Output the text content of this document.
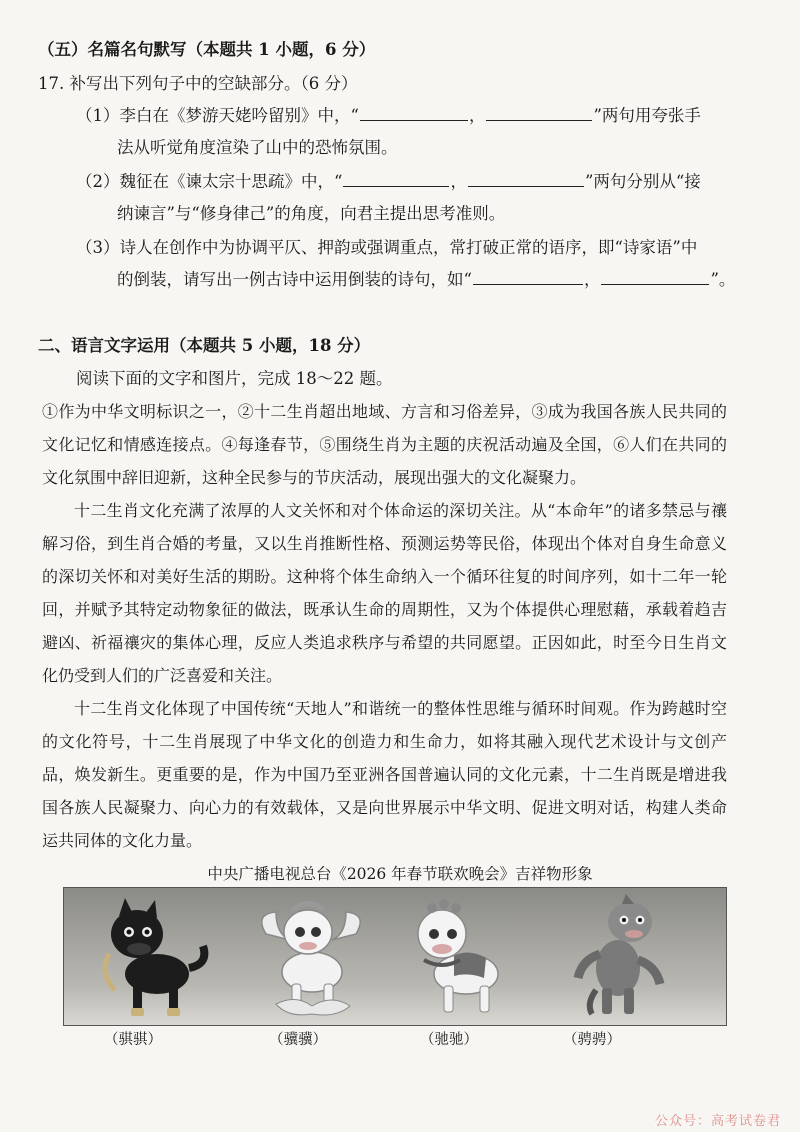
（五）名篇名句默写（本题共 1 小题，6 分）
17. 补写出下列句子中的空缺部分。（6 分）
（1）李白在《梦游天姥吟留别》中，“	，	”两句用夸张手
法从听觉角度渲染了山中的恐怖氛围。
（2）魏征在《谏太宗十思疏》中，“	，	”两句分别从“接
纳谏言”与“修身律己”的角度，向君主提出思考准则。
（3）诗人在创作中为协调平仄、押韵或强调重点，常打破正常的语序，即“诗家语”中
的倒装，请写出一例古诗中运用倒装的诗句，如“	，	”。
二、语言文字运用（本题共 5 小题，18 分）
阅读下面的文字和图片，完成 18～22 题。

①作为中华文明标识之一，②十二生肖超出地域、方言和习俗差异，③成为我国各族人民共同的文化记忆和情感连接点。④每逢春节，⑤围绕生肖为主题的庆祝活动遍及全国，⑥人们在共同的文化氛围中辞旧迎新，这种全民参与的节庆活动，展现出强大的文化凝聚力。

十二生肖文化充满了浓厚的人文关怀和对个体命运的深切关注。从“本命年”的诸多禁忌与禳解习俗，到生肖合婚的考量，又以生肖推断性格、预测运势等民俗，体现出个体对自身生命意义的深切关怀和对美好生活的期盼。这种将个体生命纳入一个循环往复的时间序列，如十二年一轮回，并赋予其特定动物象征的做法，既承认生命的周期性，又为个体提供心理慰藉，承载着趋吉避凶、祈福禳灾的集体心理，反应人类追求秩序与希望的共同愿望。正因如此，时至今日生肖文化仍受到人们的广泛喜爱和关注。

十二生肖文化体现了中国传统“天地人”和谐统一的整体性思维与循环时间观。作为跨越时空的文化符号，十二生肖展现了中华文化的创造力和生命力，如将其融入现代艺术设计与文创产品，焕发新生。更重要的是，作为中国乃至亚洲各国普遍认同的文化元素，十二生肖既是增进我国各族人民凝聚力、向心力的有效载体，又是向世界展示中华文明、促进文明对话，构建人类命运共同体的文化力量。

中央广播电视总台《2026 年春节联欢晚会》吉祥物形象
（骐骐）	（骥骥）	（驰驰）	（骋骋）
公众号：高考试卷君
